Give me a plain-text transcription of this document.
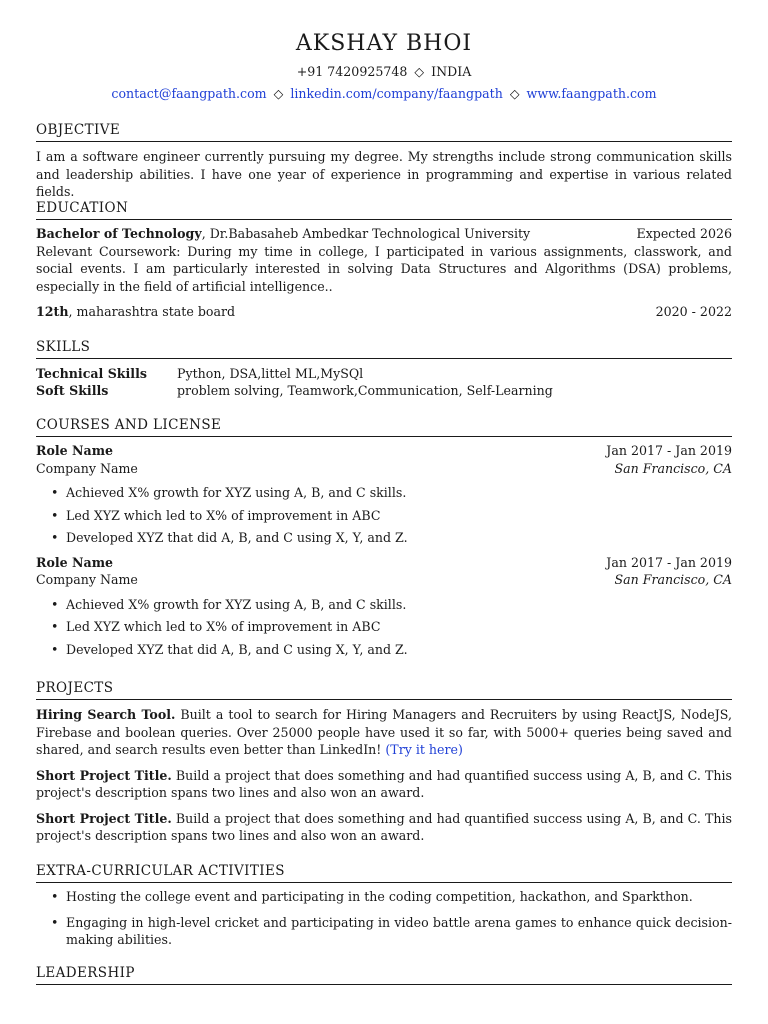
AKSHAY BHOI
+91 7420925748 ◇ INDIA
contact@faangpath.com ◇ linkedin.com/company/faangpath ◇ www.faangpath.com
OBJECTIVE

I am a software engineer currently pursuing my degree. My strengths include strong communication skills and leadership abilities. I have one year of experience in programming and expertise in various related fields.

EDUCATION
Bachelor of Technology, Dr.Babasaheb Ambedkar Technological University	Expected 2026

Relevant Coursework: During my time in college, I participated in various assignments, classwork, and social events. I am particularly interested in solving Data Structures and Algorithms (DSA) problems, especially in the field of artificial intelligence..

12th, maharashtra state board	2020 - 2022
SKILLS
Technical Skills	Python, DSA,littel ML,MySQl
Soft Skills	problem solving, Teamwork,Communication, Self-Learning
COURSES AND LICENSE
Role Name	Jan 2017 - Jan 2019
Company Name	San Francisco, CA
• Achieved X% growth for XYZ using A, B, and C skills.
• Led XYZ which led to X% of improvement in ABC
• Developed XYZ that did A, B, and C using X, Y, and Z.
Role Name	Jan 2017 - Jan 2019
Company Name	San Francisco, CA
• Achieved X% growth for XYZ using A, B, and C skills.
• Led XYZ which led to X% of improvement in ABC
• Developed XYZ that did A, B, and C using X, Y, and Z.
PROJECTS

Hiring Search Tool. Built a tool to search for Hiring Managers and Recruiters by using ReactJS, NodeJS, Firebase and boolean queries. Over 25000 people have used it so far, with 5000+ queries being saved and shared, and search results even better than LinkedIn! (Try it here)

Short Project Title. Build a project that does something and had quantified success using A, B, and C. This project's description spans two lines and also won an award.

Short Project Title. Build a project that does something and had quantified success using A, B, and C. This project's description spans two lines and also won an award.

EXTRA-CURRICULAR ACTIVITIES
• Hosting the college event and participating in the coding competition, hackathon, and Sparkthon.
• Engaging in high-level cricket and participating in video battle arena games to enhance quick decision-making abilities.
LEADERSHIP
